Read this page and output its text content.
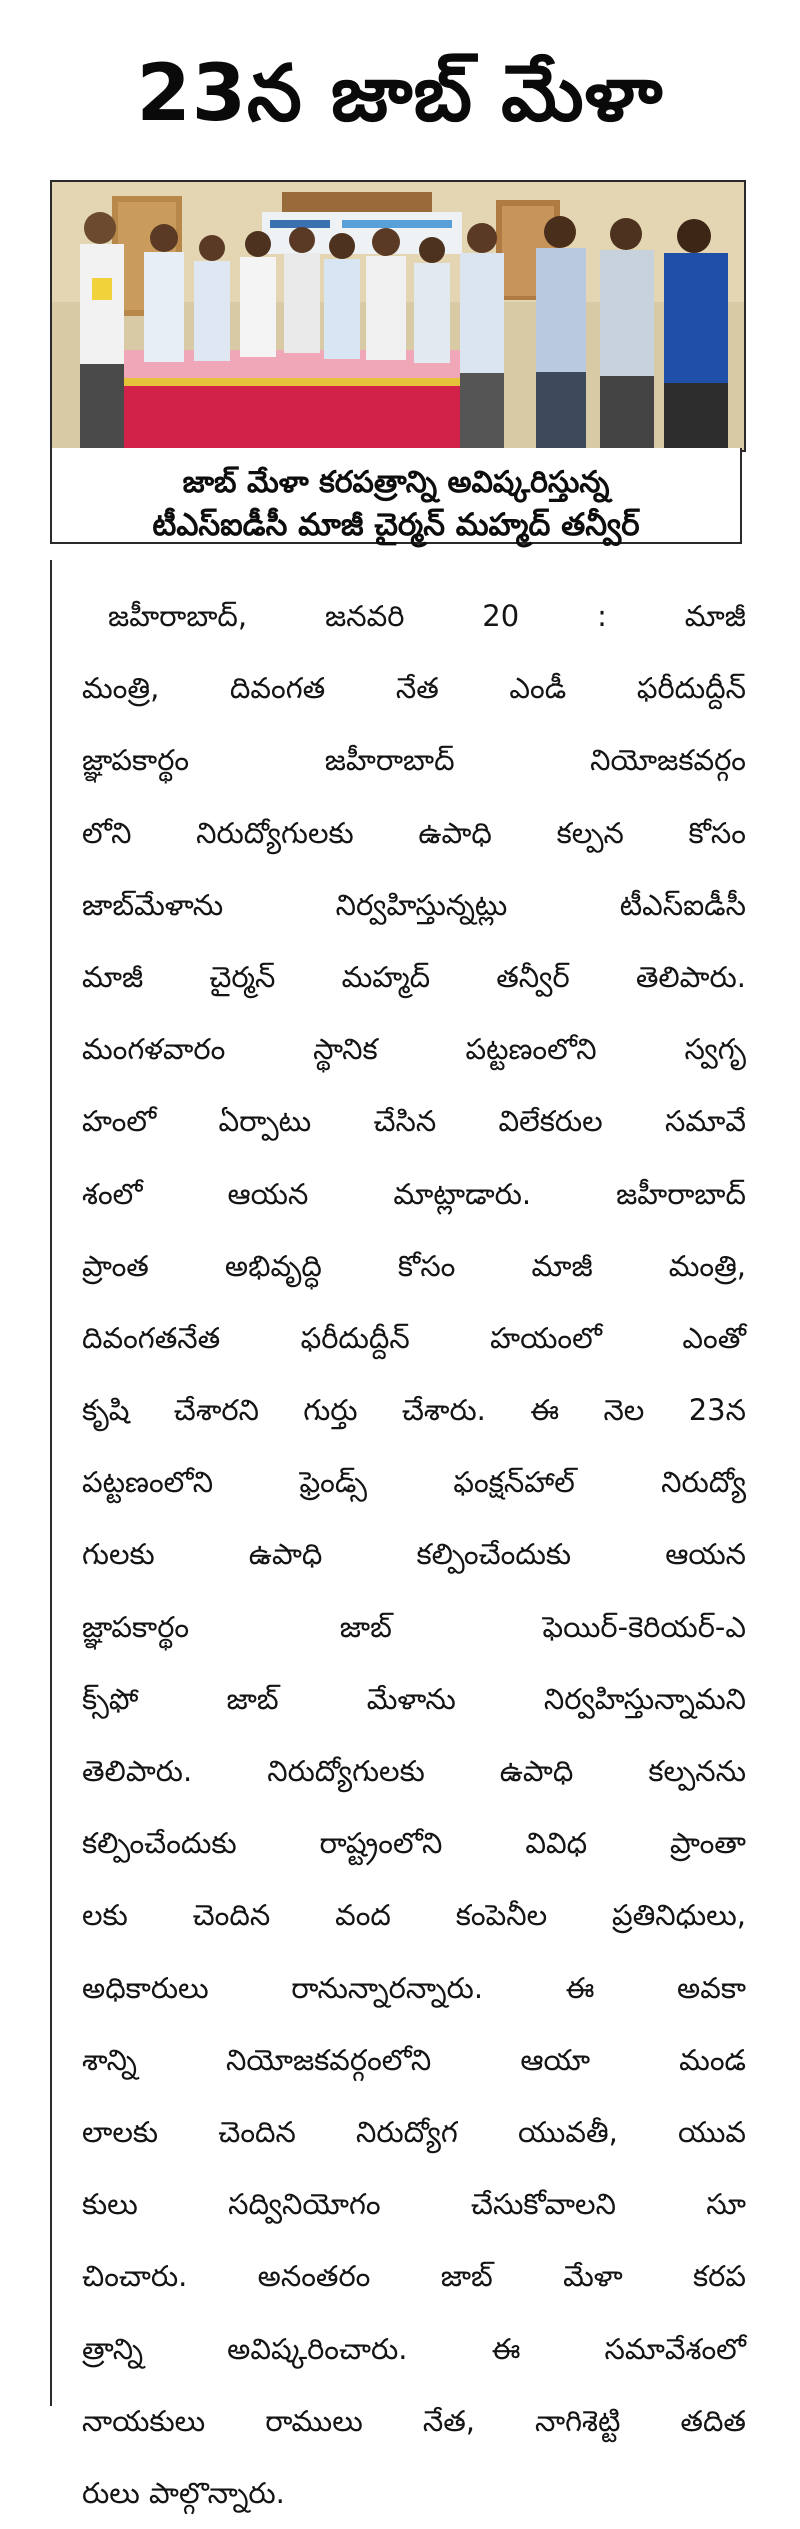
23న జాబ్ మేళా
జాబ్ మేళా కరపత్రాన్ని అవిష్కరిస్తున్న
టీఎస్ఐడీసీ మాజీ చైర్మన్ మహ్మద్ తన్వీర్
జహీరాబాద్, జనవరి 20 : మాజీ
మంత్రి, దివంగత నేత ఎండీ ఫరీదుద్దీన్
జ్ఞాపకార్థం జహీరాబాద్ నియోజకవర్గం
లోని నిరుద్యోగులకు ఉపాధి కల్పన కోసం
జాబ్‌మేళాను నిర్వహిస్తున్నట్లు టీఎస్ఐడీసీ
మాజీ చైర్మన్ మహ్మద్ తన్వీర్ తెలిపారు.
మంగళవారం స్థానిక పట్టణంలోని స్వగృ
హంలో ఏర్పాటు చేసిన విలేకరుల సమావే
శంలో ఆయన మాట్లాడారు. జహీరాబాద్
ప్రాంత అభివృద్ధి కోసం మాజీ మంత్రి,
దివంగతనేత ఫరీదుద్దీన్ హయంలో ఎంతో
కృషి చేశారని గుర్తు చేశారు. ఈ నెల 23న
పట్టణంలోని ఫ్రెండ్స్ ఫంక్షన్‌హాల్ నిరుద్యో
గులకు ఉపాధి కల్పించేందుకు ఆయన
జ్ఞాపకార్థం జాబ్ ఫెయిర్-కెరియర్-ఎ
క్స్‌ఫో జాబ్ మేళాను నిర్వహిస్తున్నామని
తెలిపారు. నిరుద్యోగులకు ఉపాధి కల్పనను
కల్పించేందుకు రాష్ట్రంలోని వివిధ ప్రాంతా
లకు చెందిన వంద కంపెనీల ప్రతినిధులు,
అధికారులు రానున్నారన్నారు. ఈ అవకా
శాన్ని నియోజకవర్గంలోని ఆయా మండ
లాలకు చెందిన నిరుద్యోగ యువతీ, యువ
కులు సద్వినియోగం చేసుకోవాలని సూ
చించారు. అనంతరం జాబ్ మేళా కరప
త్రాన్ని అవిష్కరించారు. ఈ సమావేశంలో
నాయకులు రాములు నేత, నాగిశెట్టి తదిత
రులు పాల్గొన్నారు.
